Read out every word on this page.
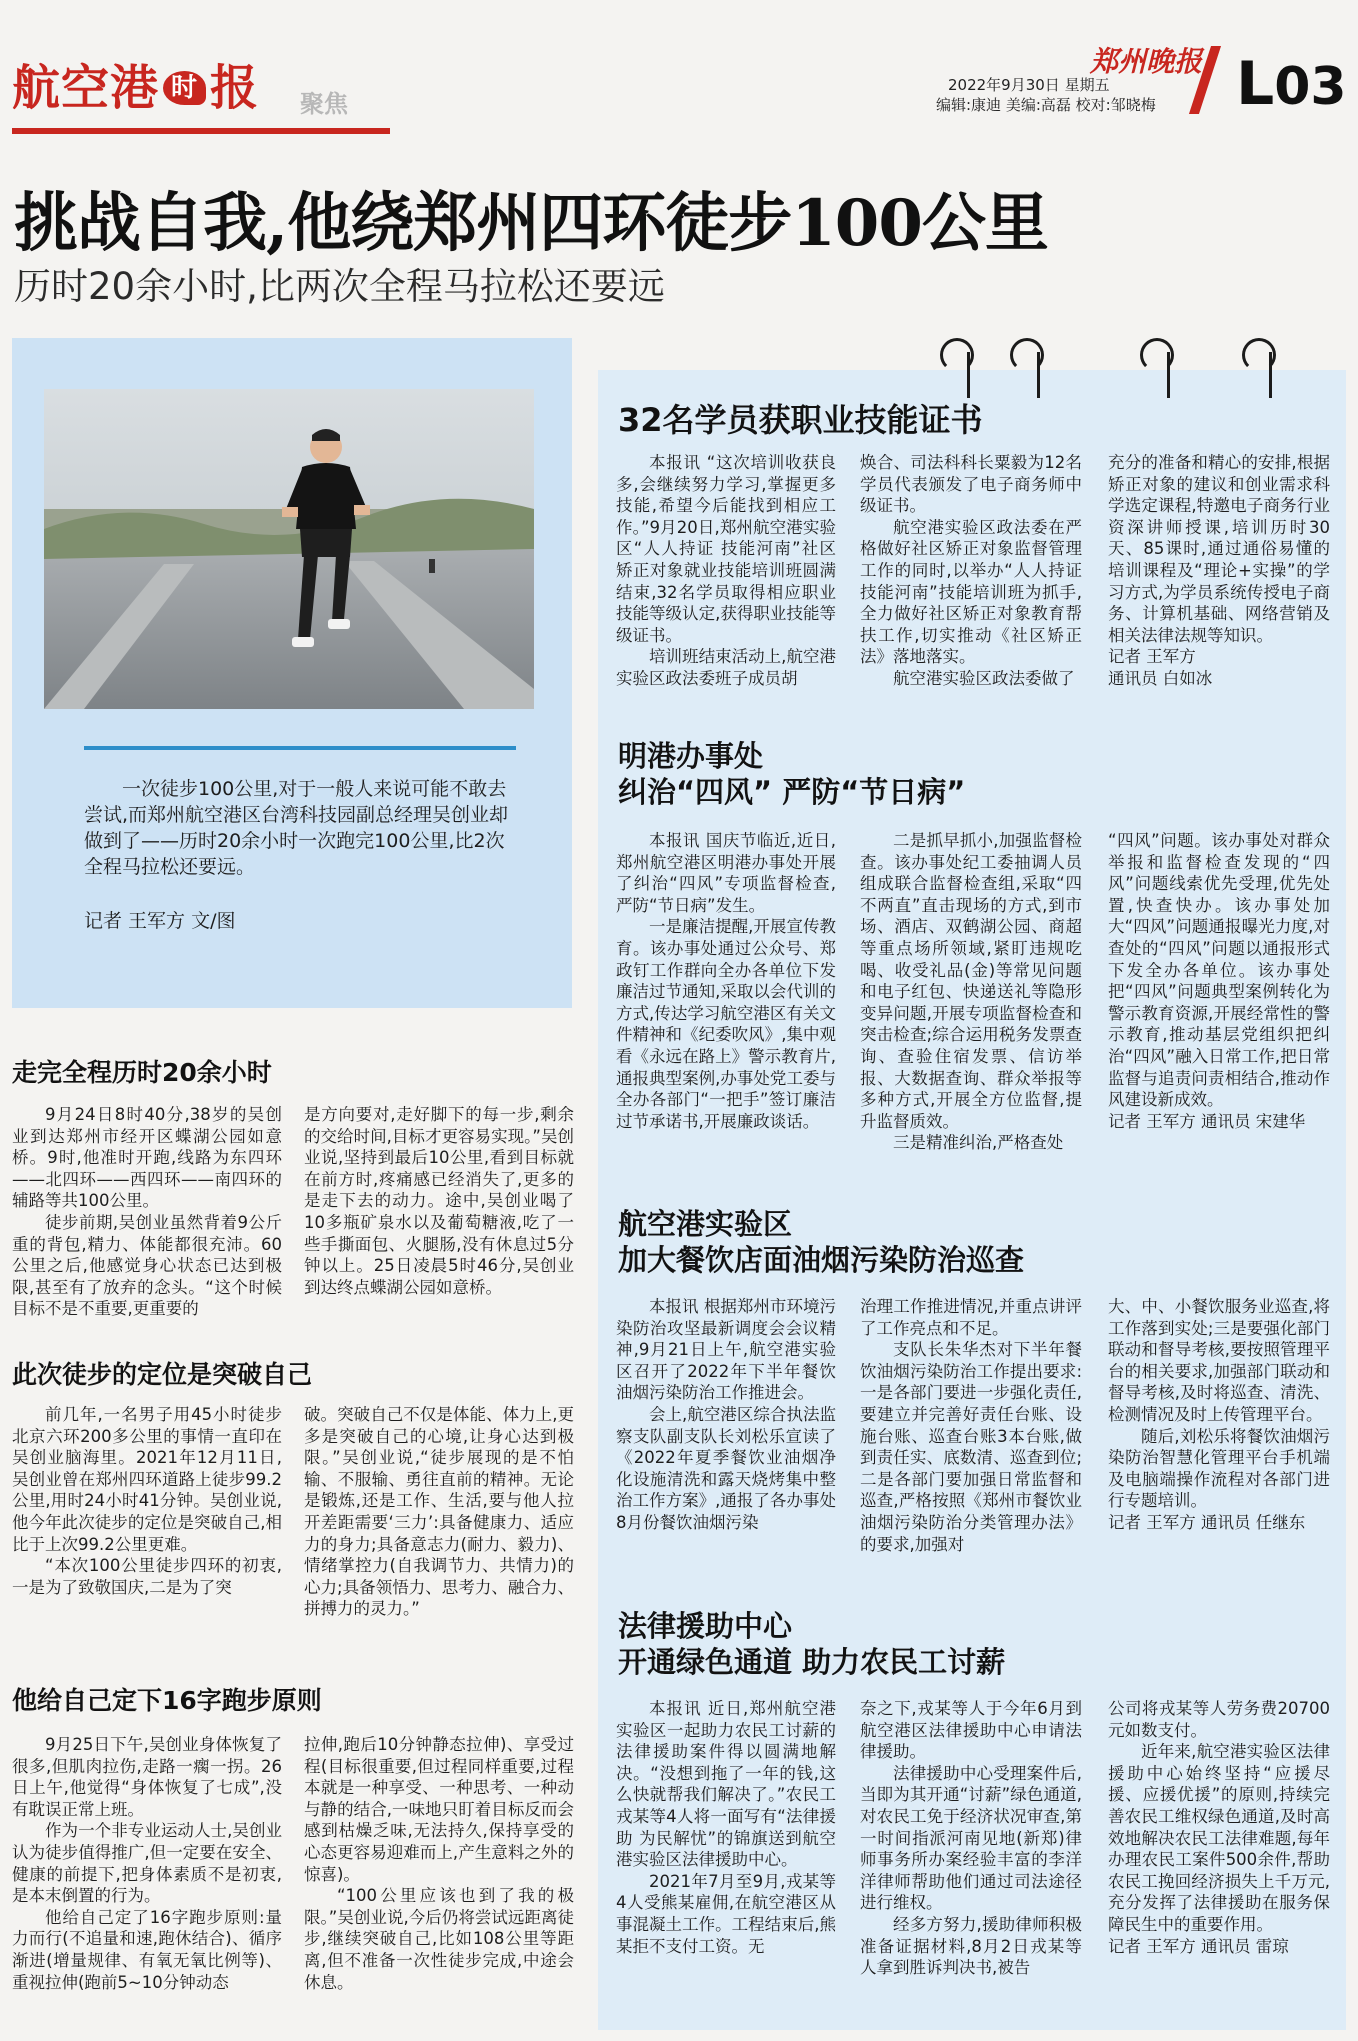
航空港 时 报 聚焦
郑州晚报
2022年9月30日 星期五
编辑:康迪 美编:高磊 校对:邹晓梅 L03
挑战自我,他绕郑州四环徒步100公里
历时20余小时,比两次全程马拉松还要远
一次徒步100公里,对于一般人来说可能不敢去尝试,而郑州航空港区台湾科技园副总经理吴创业却做到了——历时20余小时一次跑完100公里,比2次全程马拉松还要远。
记者 王军方 文/图
走完全程历时20余小时

9月24日8时40分,38岁的吴创业到达郑州市经开区蝶湖公园如意桥。9时,他准时开跑,线路为东四环——北四环——西四环——南四环的辅路等共100公里。

徒步前期,吴创业虽然背着9公斤重的背包,精力、体能都很充沛。60公里之后,他感觉身心状态已达到极限,甚至有了放弃的念头。“这个时候目标不是不重要,更重要的

是方向要对,走好脚下的每一步,剩余的交给时间,目标才更容易实现。”吴创业说,坚持到最后10公里,看到目标就在前方时,疼痛感已经消失了,更多的是走下去的动力。途中,吴创业喝了10多瓶矿泉水以及葡萄糖液,吃了一些手撕面包、火腿肠,没有休息过5分钟以上。25日凌晨5时46分,吴创业到达终点蝶湖公园如意桥。

此次徒步的定位是突破自己

前几年,一名男子用45小时徒步北京六环200多公里的事情一直印在吴创业脑海里。2021年12月11日,吴创业曾在郑州四环道路上徒步99.2公里,用时24小时41分钟。吴创业说,他今年此次徒步的定位是突破自己,相比于上次99.2公里更难。

“本次100公里徒步四环的初衷,一是为了致敬国庆,二是为了突

破。突破自己不仅是体能、体力上,更多是突破自己的心境,让身心达到极限。”吴创业说,“徒步展现的是不怕输、不服输、勇往直前的精神。无论是锻炼,还是工作、生活,要与他人拉开差距需要‘三力’:具备健康力、适应力的身力;具备意志力(耐力、毅力)、情绪掌控力(自我调节力、共情力)的心力;具备领悟力、思考力、融合力、拼搏力的灵力。”

他给自己定下16字跑步原则

9月25日下午,吴创业身体恢复了很多,但肌肉拉伤,走路一瘸一拐。26日上午,他觉得“身体恢复了七成”,没有耽误正常上班。

作为一个非专业运动人士,吴创业认为徒步值得推广,但一定要在安全、健康的前提下,把身体素质不是初衷,是本末倒置的行为。

他给自己定了16字跑步原则:量力而行(不追量和速,跑休结合)、循序渐进(增量规律、有氧无氧比例等)、重视拉伸(跑前5~10分钟动态

拉伸,跑后10分钟静态拉伸)、享受过程(目标很重要,但过程同样重要,过程本就是一种享受、一种思考、一种动与静的结合,一味地只盯着目标反而会感到枯燥乏味,无法持久,保持享受的心态更容易迎难而上,产生意料之外的惊喜)。

“100公里应该也到了我的极限。”吴创业说,今后仍将尝试远距离徒步,继续突破自己,比如108公里等距离,但不准备一次性徒步完成,中途会休息。

32名学员获职业技能证书

本报讯 “这次培训收获良多,会继续努力学习,掌握更多技能,希望今后能找到相应工作。”9月20日,郑州航空港实验区“人人持证 技能河南”社区矫正对象就业技能培训班圆满结束,32名学员取得相应职业技能等级认定,获得职业技能等级证书。

培训班结束活动上,航空港实验区政法委班子成员胡

焕合、司法科科长粟毅为12名学员代表颁发了电子商务师中级证书。

航空港实验区政法委在严格做好社区矫正对象监督管理工作的同时,以举办“人人持证 技能河南”技能培训班为抓手,全力做好社区矫正对象教育帮扶工作,切实推动《社区矫正法》落地落实。

航空港实验区政法委做了

充分的准备和精心的安排,根据矫正对象的建议和创业需求科学选定课程,特邀电子商务行业资深讲师授课,培训历时30天、85课时,通过通俗易懂的培训课程及“理论+实操”的学习方式,为学员系统传授电子商务、计算机基础、网络营销及相关法律法规等知识。

记者 王军方

通讯员 白如冰

明港办事处
纠治“四风” 严防“节日病”

本报讯 国庆节临近,近日,郑州航空港区明港办事处开展了纠治“四风”专项监督检查,严防“节日病”发生。

一是廉洁提醒,开展宣传教育。该办事处通过公众号、郑政钉工作群向全办各单位下发廉洁过节通知,采取以会代训的方式,传达学习航空港区有关文件精神和《纪委吹风》,集中观看《永远在路上》警示教育片,通报典型案例,办事处党工委与全办各部门“一把手”签订廉洁过节承诺书,开展廉政谈话。

二是抓早抓小,加强监督检查。该办事处纪工委抽调人员组成联合监督检查组,采取“四不两直”直击现场的方式,到市场、酒店、双鹤湖公园、商超等重点场所领域,紧盯违规吃喝、收受礼品(金)等常见问题和电子红包、快递送礼等隐形变异问题,开展专项监督检查和突击检查;综合运用税务发票查询、查验住宿发票、信访举报、大数据查询、群众举报等多种方式,开展全方位监督,提升监督质效。

三是精准纠治,严格查处

“四风”问题。该办事处对群众举报和监督检查发现的“四风”问题线索优先受理,优先处置,快查快办。该办事处加大“四风”问题通报曝光力度,对查处的“四风”问题以通报形式下发全办各单位。该办事处把“四风”问题典型案例转化为警示教育资源,开展经常性的警示教育,推动基层党组织把纠治“四风”融入日常工作,把日常监督与追责问责相结合,推动作风建设新成效。

记者 王军方 通讯员 宋建华

航空港实验区
加大餐饮店面油烟污染防治巡查

本报讯 根据郑州市环境污染防治攻坚最新调度会会议精神,9月21日上午,航空港实验区召开了2022年下半年餐饮油烟污染防治工作推进会。

会上,航空港区综合执法监察支队副支队长刘松乐宣读了《2022年夏季餐饮业油烟净化设施清洗和露天烧烤集中整治工作方案》,通报了各办事处8月份餐饮油烟污染

治理工作推进情况,并重点讲评了工作亮点和不足。

支队长朱华杰对下半年餐饮油烟污染防治工作提出要求:一是各部门要进一步强化责任,要建立并完善好责任台账、设施台账、巡查台账3本台账,做到责任实、底数清、巡查到位;二是各部门要加强日常监督和巡查,严格按照《郑州市餐饮业油烟污染防治分类管理办法》的要求,加强对

大、中、小餐饮服务业巡查,将工作落到实处;三是要强化部门联动和督导考核,要按照管理平台的相关要求,加强部门联动和督导考核,及时将巡查、清洗、检测情况及时上传管理平台。

随后,刘松乐将餐饮油烟污染防治智慧化管理平台手机端及电脑端操作流程对各部门进行专题培训。

记者 王军方 通讯员 任继东

法律援助中心
开通绿色通道 助力农民工讨薪

本报讯 近日,郑州航空港实验区一起助力农民工讨薪的法律援助案件得以圆满地解决。“没想到拖了一年的钱,这么快就帮我们解决了。”农民工戎某等4人将一面写有“法律援助 为民解忧”的锦旗送到航空港实验区法律援助中心。

2021年7月至9月,戎某等4人受熊某雇佣,在航空港区从事混凝土工作。工程结束后,熊某拒不支付工资。无

奈之下,戎某等人于今年6月到航空港区法律援助中心申请法律援助。

法律援助中心受理案件后,当即为其开通“讨薪”绿色通道,对农民工免于经济状况审查,第一时间指派河南见地(新郑)律师事务所办案经验丰富的李洋洋律师帮助他们通过司法途径进行维权。

经多方努力,援助律师积极准备证据材料,8月2日戎某等人拿到胜诉判决书,被告

公司将戎某等人劳务费20700元如数支付。

近年来,航空港实验区法律援助中心始终坚持“应援尽援、应援优援”的原则,持续完善农民工维权绿色通道,及时高效地解决农民工法律难题,每年办理农民工案件500余件,帮助农民工挽回经济损失上千万元,充分发挥了法律援助在服务保障民生中的重要作用。

记者 王军方 通讯员 雷琼
